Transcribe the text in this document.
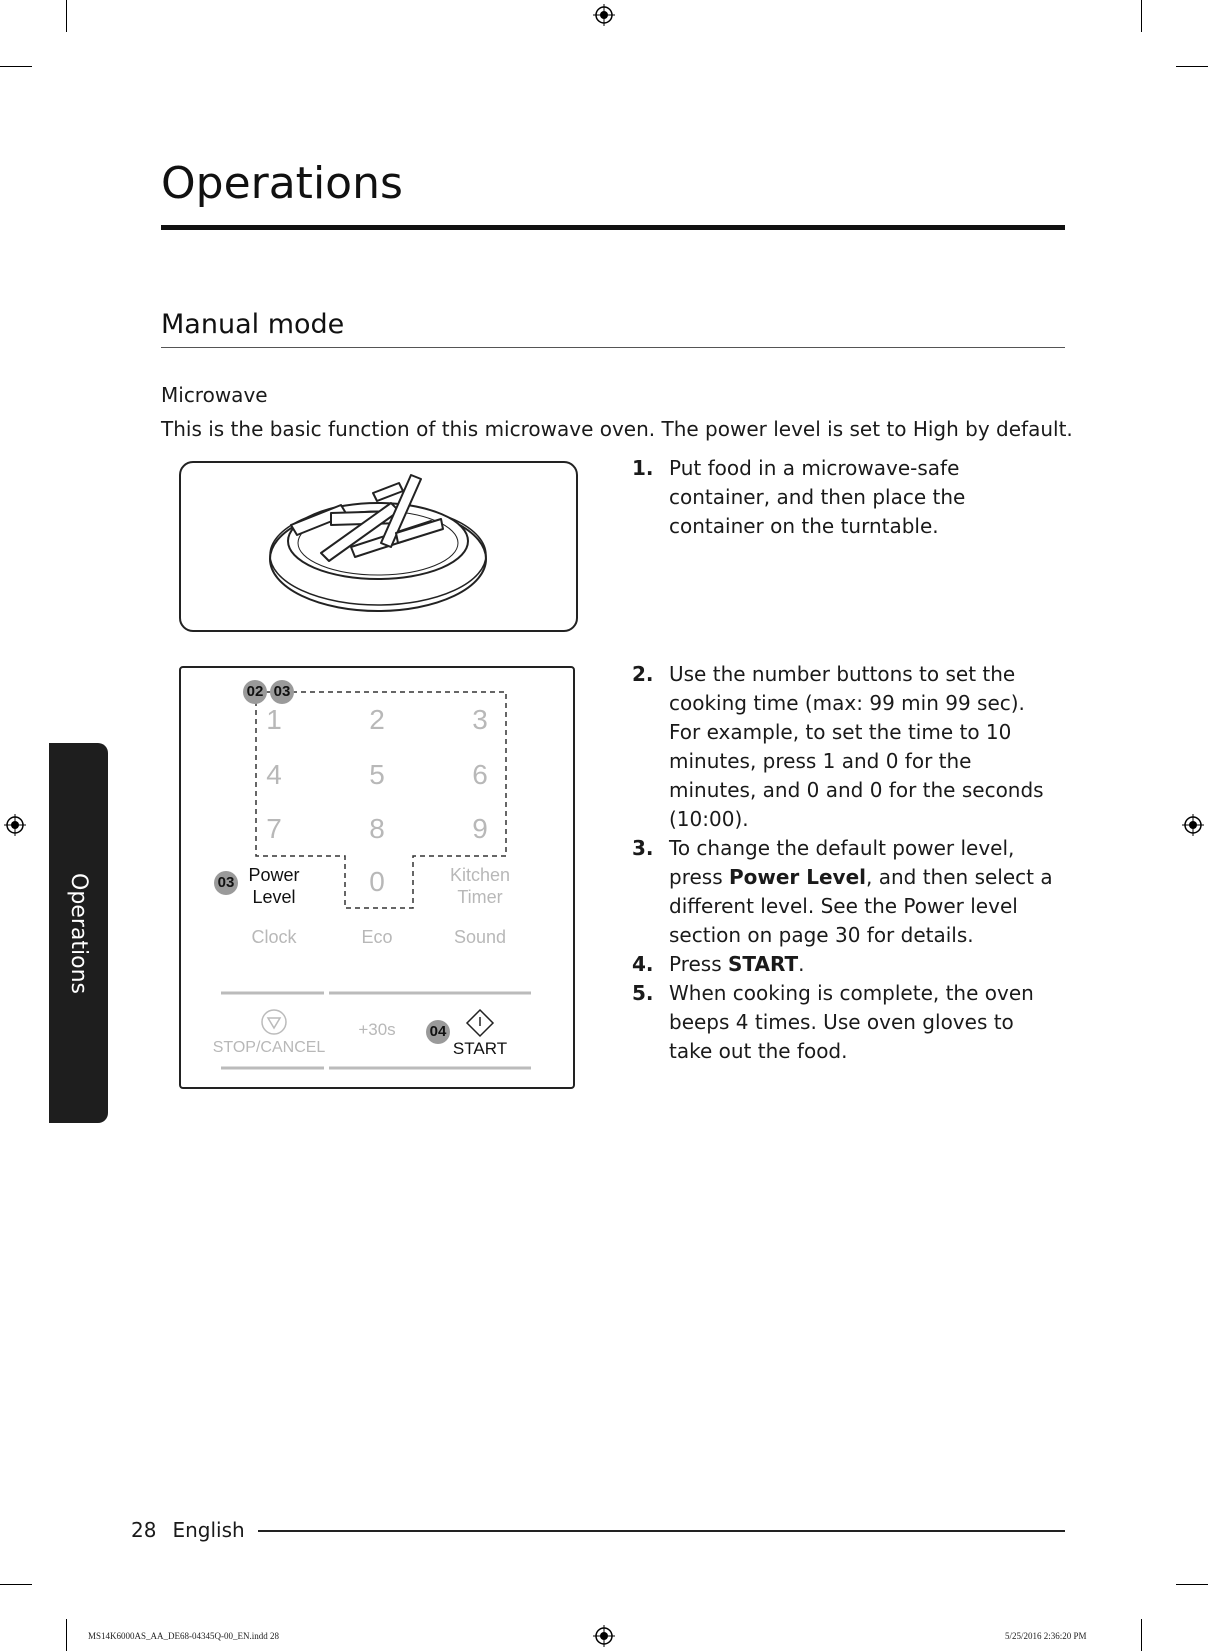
Operations
Manual mode
Microwave
This is the basic function of this microwave oven. The power level is set to High by default.
Operations

1. Put food in a microwave-safe container, and then place the container on the turntable.

2. Use the number buttons to set the cooking time (max: 99 min 99 sec). For example, to set the time to 10 minutes, press 1 and 0 for the minutes, and 0 and 0 for the seconds (10:00).

3. To change the default power level, press Power Level, and then select a different level. See the Power level section on page 30 for details.

4. Press START.

5. When cooking is complete, the oven beeps 4 times. Use oven gloves to take out the food.

02 03
1	2	3
4	5	6
7	8	9
0
03 Power
Level
Kitchen
Timer
Clock	Eco	Sound
STOP/CANCEL
+30s	04
START
28 English
MS14K6000AS_AA_DE68-04345Q-00_EN.indd 28	5/25/2016 2:36:20 PM
